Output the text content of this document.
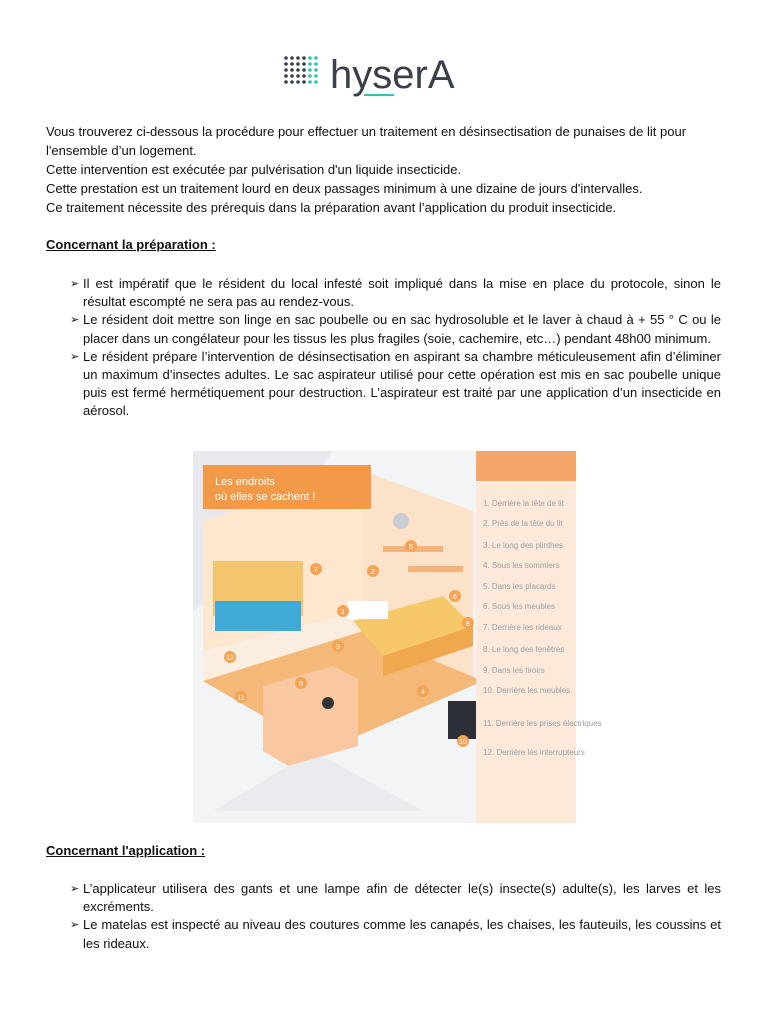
hyserA

Vous trouverez ci-dessous la procédure pour effectuer un traitement en désinsectisation de punaises de lit pour l'ensemble d’un logement.

Cette intervention est exécutée par pulvérisation d'un liquide insecticide.

Cette prestation est un traitement lourd en deux passages minimum à une dizaine de jours d'intervalles.

Ce traitement nécessite des prérequis dans la préparation avant l’application du produit insecticide.

Concernant la préparation :
➢ Il est impératif que le résident du local infesté soit impliqué dans la mise en place du protocole, sinon le résultat escompté ne sera pas au rendez-vous.
➢ Le résident doit mettre son linge en sac poubelle ou en sac hydrosoluble et le laver à chaud à + 55 ° C ou le placer dans un congélateur pour les tissus les plus fragiles (soie, cachemire, etc…) pendant 48h00 minimum.
➢ Le résident prépare l’intervention de désinsectisation en aspirant sa chambre méticuleusement afin d’éliminer un maximum d’insectes adultes. Le sac aspirateur utilisé pour cette opération est mis en sac poubelle unique puis est fermé hermétiquement pour destruction. L’aspirateur est traité par une application d’un insecticide en aérosol.
Les endroits
où elles se cachent !
1. Derrière la tête de lit
2. Près de la tête du lit
3. Le long des plinthes
4. Sous les sommiers
5. Dans les placards
6. Sous les meubles
7. Derrière les rideaux
8. Le long des fenêtres
9. Dans les tiroirs
10. Derrière les meubles.
11. Derrière les prises électriques
12. Derrière les interrupteurs
1
2
3
4
5
6
7
8
9
10
11
12
Concernant l'application :
➢ L’applicateur utilisera des gants et une lampe afin de détecter le(s) insecte(s) adulte(s), les larves et les excréments.
➢ Le matelas est inspecté au niveau des coutures comme les canapés, les chaises, les fauteuils, les coussins et les rideaux.
